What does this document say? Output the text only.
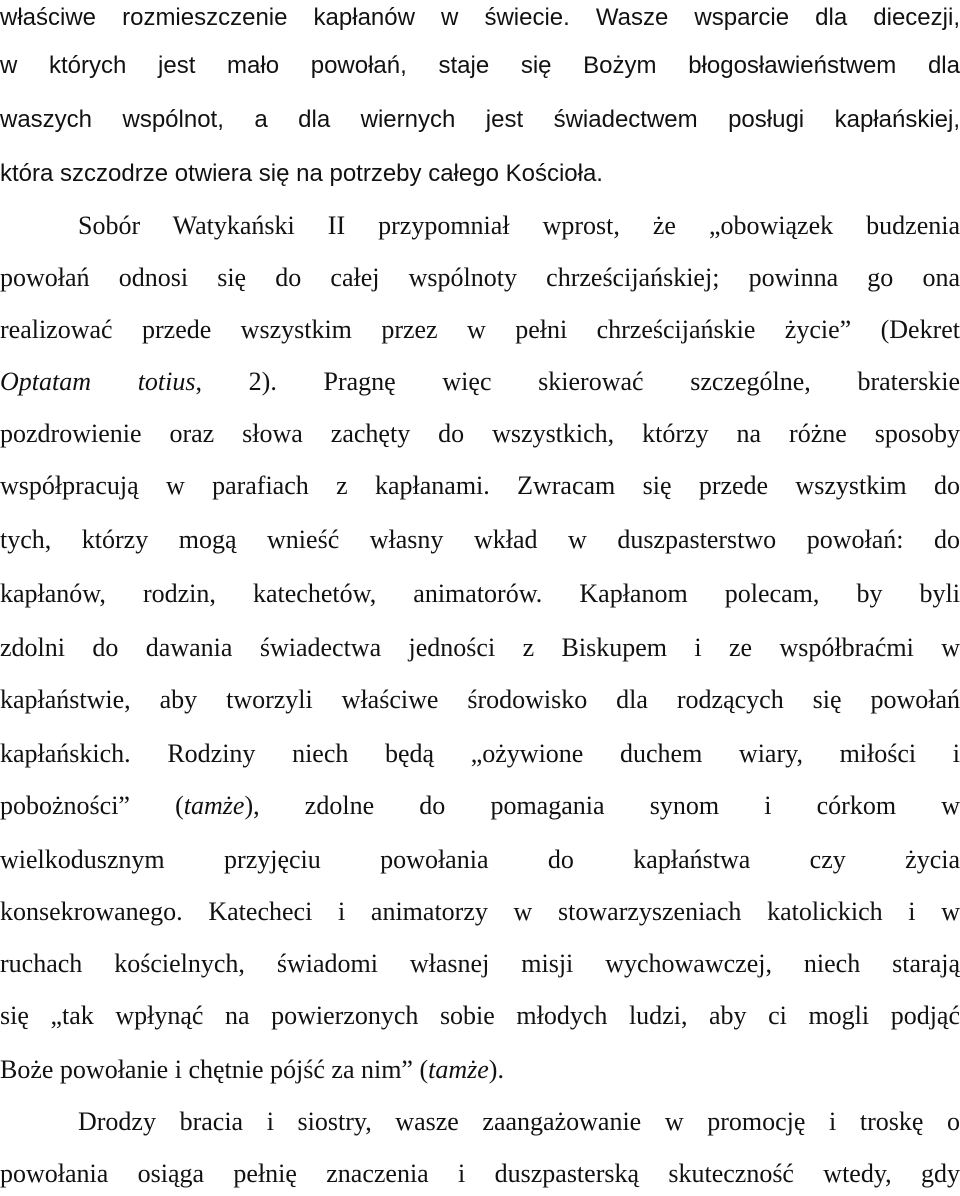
właściwe rozmieszczenie kapłanów w świecie. Wasze wsparcie dla diecezji,
w których jest mało powołań, staje się Bożym błogosławieństwem dla
waszych wspólnot, a dla wiernych jest świadectwem posługi kapłańskiej,
która szczodrze otwiera się na potrzeby całego Kościoła.
Sobór Watykański II przypomniał wprost, że „obowiązek budzenia
powołań odnosi się do całej wspólnoty chrześcijańskiej; powinna go ona
realizować przede wszystkim przez w pełni chrześcijańskie życie” (Dekret
Optatam totius, 2). Pragnę więc skierować szczególne, braterskie
pozdrowienie oraz słowa zachęty do wszystkich, którzy na różne sposoby
współpracują w parafiach z kapłanami. Zwracam się przede wszystkim do
tych, którzy mogą wnieść własny wkład w duszpasterstwo powołań: do
kapłanów, rodzin, katechetów, animatorów. Kapłanom polecam, by byli
zdolni do dawania świadectwa jedności z Biskupem i ze współbraćmi w
kapłaństwie, aby tworzyli właściwe środowisko dla rodzących się powołań
kapłańskich. Rodziny niech będą „ożywione duchem wiary, miłości i
pobożności” (tamże), zdolne do pomagania synom i córkom w
wielkodusznym przyjęciu powołania do kapłaństwa czy życia
konsekrowanego. Katecheci i animatorzy w stowarzyszeniach katolickich i w
ruchach kościelnych, świadomi własnej misji wychowawczej, niech starają
się „tak wpłynąć na powierzonych sobie młodych ludzi, aby ci mogli podjąć
Boże powołanie i chętnie pójść za nim” (tamże).
Drodzy bracia i siostry, wasze zaangażowanie w promocję i troskę o
powołania osiąga pełnię znaczenia i duszpasterską skuteczność wtedy, gdy
